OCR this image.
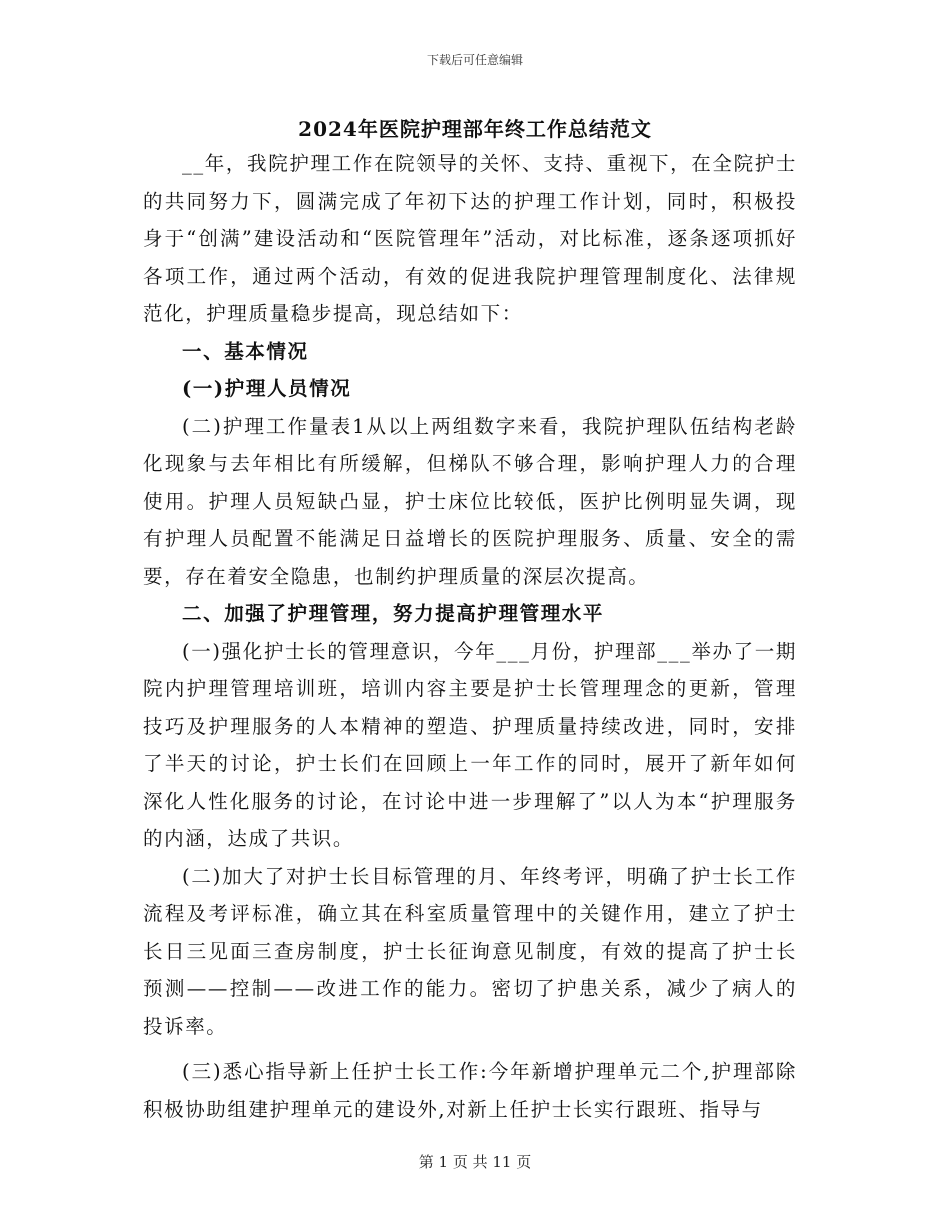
下载后可任意编辑
2024年医院护理部年终工作总结范文

__年，我院护理工作在院领导的关怀、支持、重视下，在全院护士的共同努力下，圆满完成了年初下达的护理工作计划，同时，积极投身于“创满”建设活动和“医院管理年”活动，对比标准，逐条逐项抓好各项工作，通过两个活动，有效的促进我院护理管理制度化、法律规范化，护理质量稳步提高，现总结如下：

一、基本情况

(一)护理人员情况

(二)护理工作量表1从以上两组数字来看，我院护理队伍结构老龄化现象与去年相比有所缓解，但梯队不够合理，影响护理人力的合理使用。护理人员短缺凸显，护士床位比较低，医护比例明显失调，现有护理人员配置不能满足日益增长的医院护理服务、质量、安全的需要，存在着安全隐患，也制约护理质量的深层次提高。

二、加强了护理管理，努力提高护理管理水平

(一)强化护士长的管理意识，今年___月份，护理部___举办了一期院内护理管理培训班，培训内容主要是护士长管理理念的更新，管理技巧及护理服务的人本精神的塑造、护理质量持续改进，同时，安排了半天的讨论，护士长们在回顾上一年工作的同时，展开了新年如何深化人性化服务的讨论，在讨论中进一步理解了”以人为本“护理服务的内涵，达成了共识。

(二)加大了对护士长目标管理的月、年终考评，明确了护士长工作流程及考评标准，确立其在科室质量管理中的关键作用，建立了护士长日三见面三查房制度，护士长征询意见制度，有效的提高了护士长预测——控制——改进工作的能力。密切了护患关系，减少了病人的投诉率。

(三)悉心指导新上任护士长工作:今年新增护理单元二个,护理部除积极协助组建护理单元的建设外,对新上任护士长实行跟班、指导与

第 1 页 共 11 页
